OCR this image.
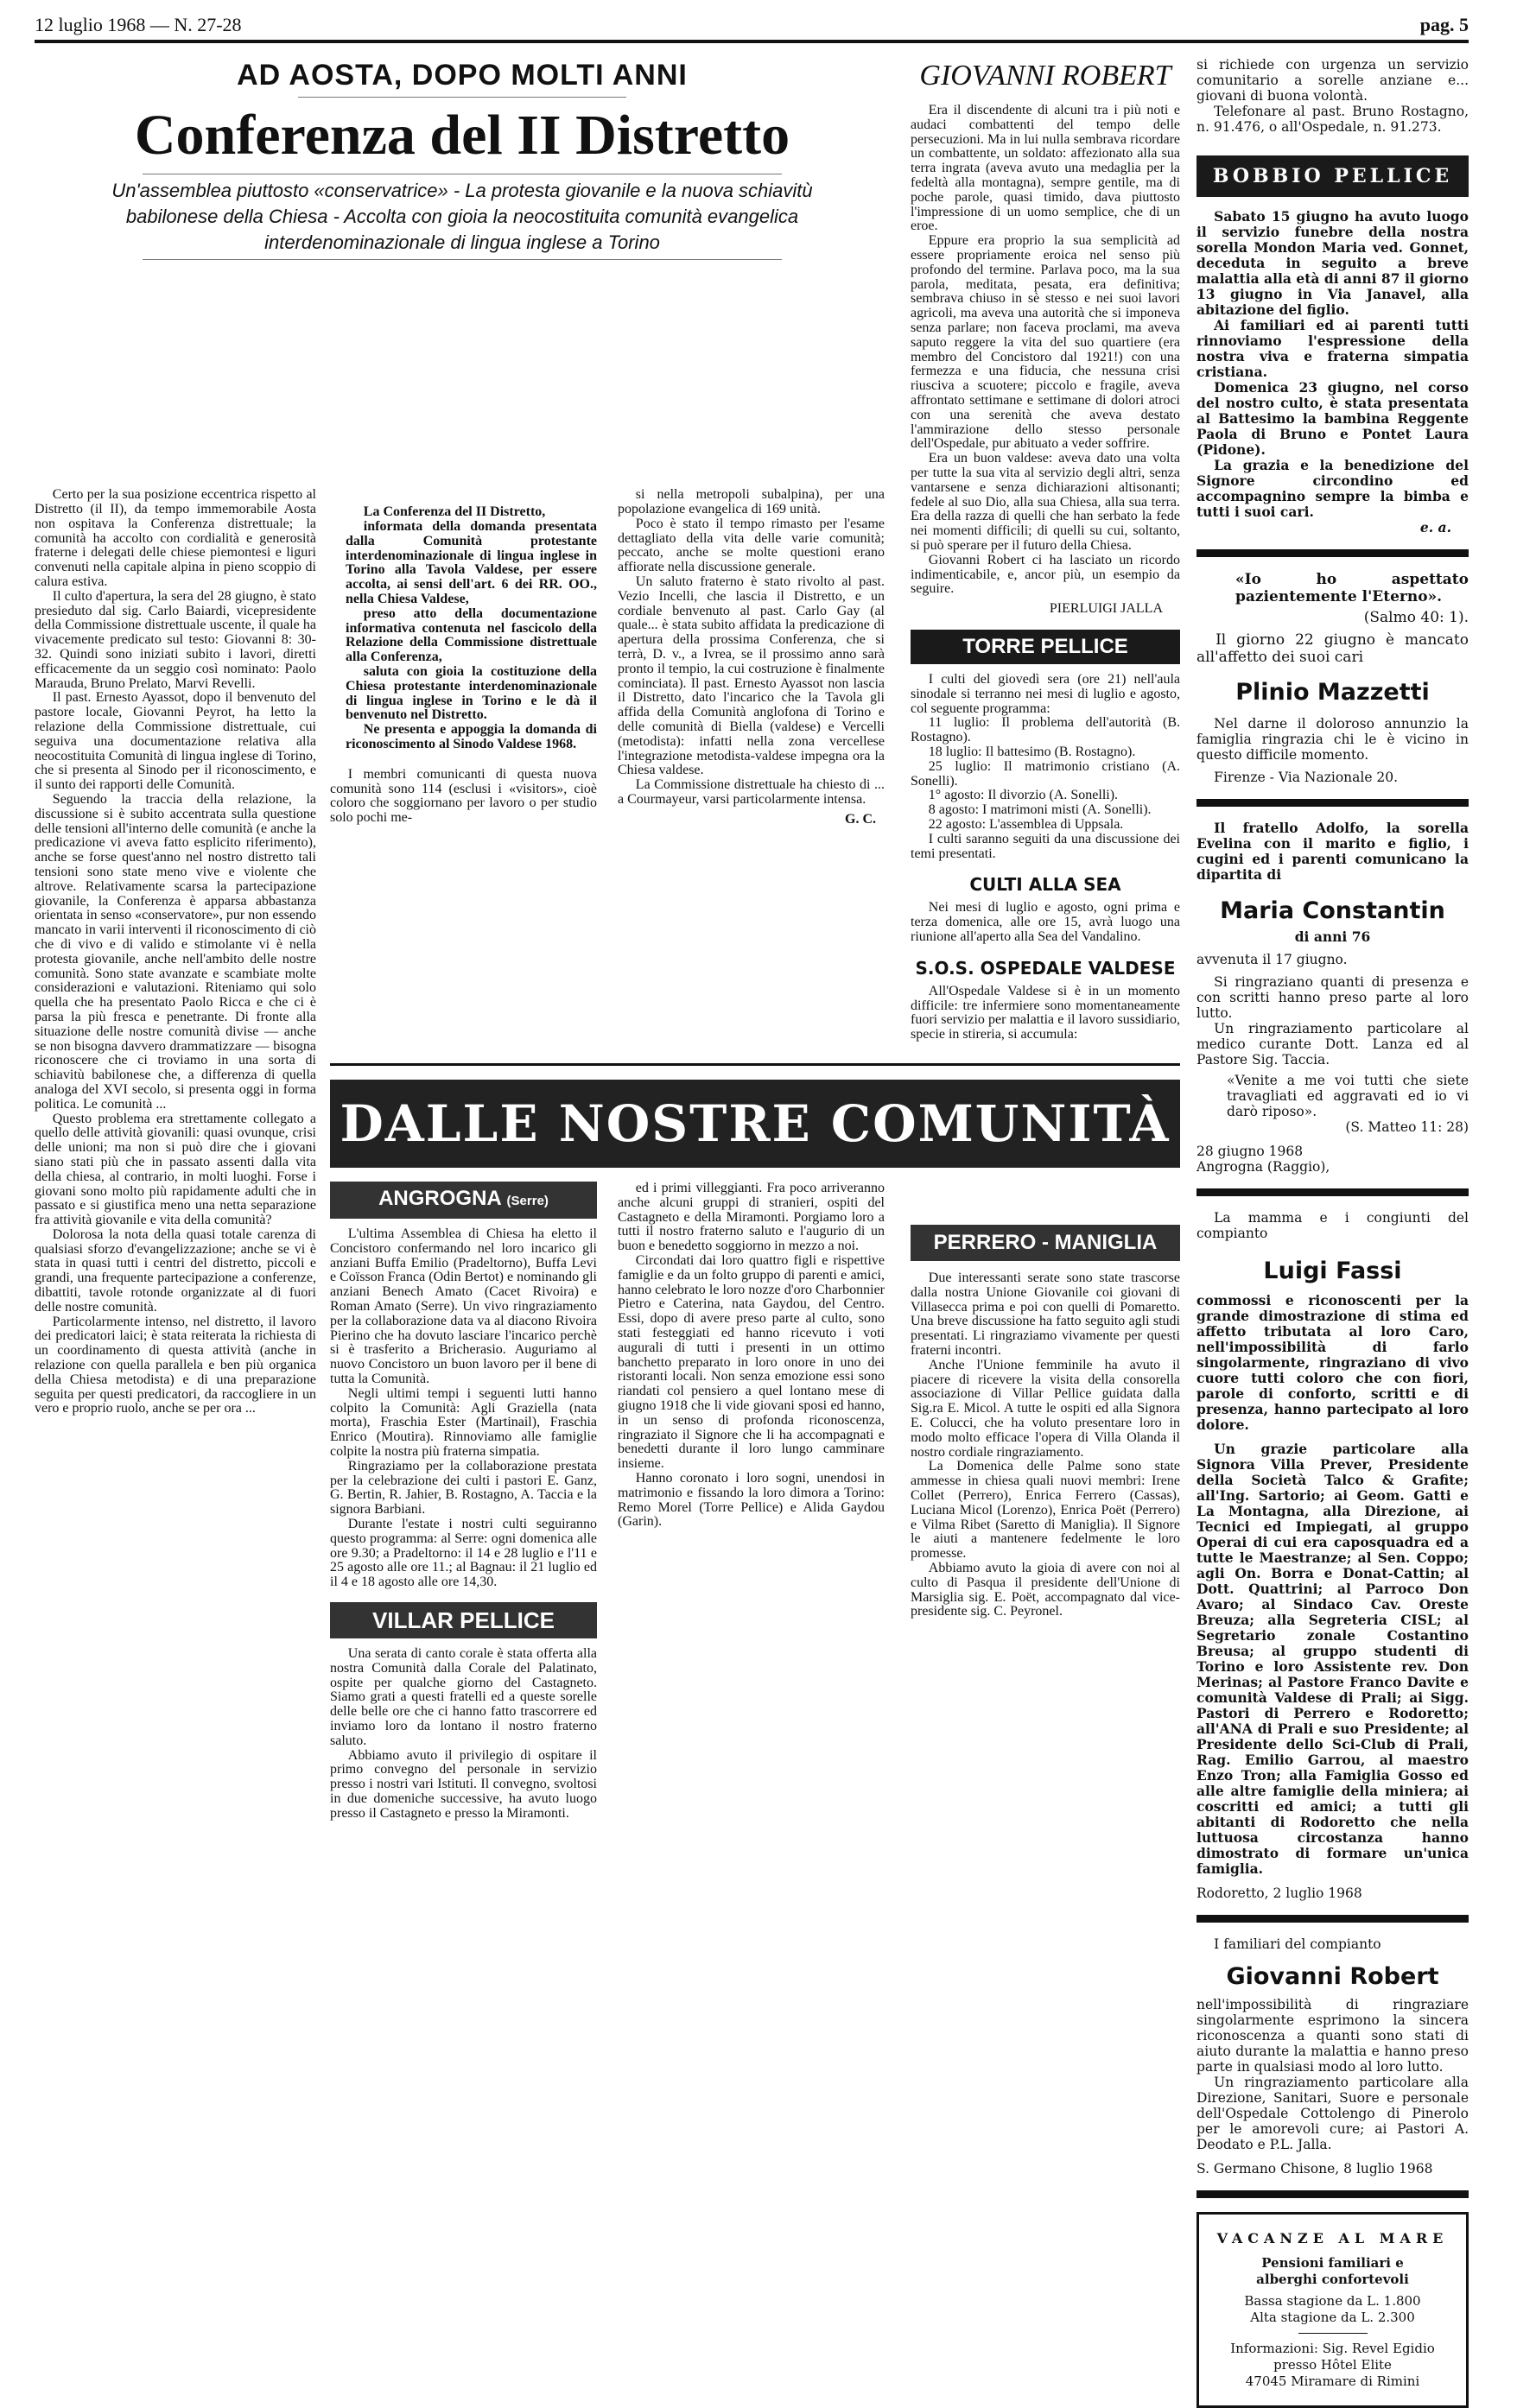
12 luglio 1968 — N. 27-28	pag. 5
AD AOSTA, DOPO MOLTI ANNI
Conferenza del II Distretto
Un'assemblea piuttosto «conservatrice» - La protesta giovanile e la nuova schiavitù babilonese della Chiesa - Accolta con gioia la neocostituita comunità evangelica interdenominazionale di lingua inglese a Torino
GIOVANNI ROBERT

Era il discendente di alcuni tra i più noti e audaci combattenti del tempo delle persecuzioni. Ma in lui nulla sembrava ricordare un combattente, un soldato: affezionato alla sua terra ingrata (aveva avuto una medaglia per la fedeltà alla montagna), sempre gentile, ma di poche parole, quasi timido, dava piuttosto l'impressione di un uomo semplice, che di un eroe.

Eppure era proprio la sua semplicità ad essere propriamente eroica nel senso più profondo del termine. Parlava poco, ma la sua parola, meditata, pesata, era definitiva; sembrava chiuso in sè stesso e nei suoi lavori agricoli, ma aveva una autorità che si imponeva senza parlare; non faceva proclami, ma aveva saputo reggere la vita del suo quartiere (era membro del Concistoro dal 1921!) con una fermezza e una fiducia, che nessuna crisi riusciva a scuotere; piccolo e fragile, aveva affrontato settimane e settimane di dolori atroci con una serenità che aveva destato l'ammirazione dello stesso personale dell'Ospedale, pur abituato a veder soffrire.

Era un buon valdese: aveva dato una volta per tutte la sua vita al servizio degli altri, senza vantarsene e senza dichiarazioni altisonanti; fedele al suo Dio, alla sua Chiesa, alla sua terra. Era della razza di quelli che han serbato la fede nei momenti difficili; di quelli su cui, soltanto, si può sperare per il futuro della Chiesa.

Giovanni Robert ci ha lasciato un ricordo indimenticabile, e, ancor più, un esempio da seguire.

PIERLUIGI JALLA
TORRE PELLICE

I culti del giovedì sera (ore 21) nell'aula sinodale si terranno nei mesi di luglio e agosto, col seguente programma:

11 luglio: Il problema dell'autorità (B. Rostagno).

18 luglio: Il battesimo (B. Rostagno).

25 luglio: Il matrimonio cristiano (A. Sonelli).

1° agosto: Il divorzio (A. Sonelli).

8 agosto: I matrimoni misti (A. Sonelli).

22 agosto: L'assemblea di Uppsala.

I culti saranno seguiti da una discussione dei temi presentati.

CULTI ALLA SEA

Nei mesi di luglio e agosto, ogni prima e terza domenica, alle ore 15, avrà luogo una riunione all'aperto alla Sea del Vandalino.

S.O.S. OSPEDALE VALDESE

All'Ospedale Valdese si è in un momento difficile: tre infermiere sono momentaneamente fuori servizio per malattia e il lavoro sussidiario, specie in stireria, si accumula:

Certo per la sua posizione eccentrica rispetto al Distretto (il II), da tempo immemorabile Aosta non ospitava la Conferenza distrettuale; la comunità ha accolto con cordialità e generosità fraterne i delegati delle chiese piemontesi e liguri convenuti nella capitale alpina in pieno scoppio di calura estiva.

Il culto d'apertura, la sera del 28 giugno, è stato presieduto dal sig. Carlo Baiardi, vicepresidente della Commissione distrettuale uscente, il quale ha vivacemente predicato sul testo: Giovanni 8: 30-32. Quindi sono iniziati subito i lavori, diretti efficacemente da un seggio così nominato: Paolo Marauda, Bruno Prelato, Marvi Revelli.

Il past. Ernesto Ayassot, dopo il benvenuto del pastore locale, Giovanni Peyrot, ha letto la relazione della Commissione distrettuale, cui seguiva una documentazione relativa alla neocostituita Comunità di lingua inglese di Torino, che si presenta al Sinodo per il riconoscimento, e il sunto dei rapporti delle Comunità.

Seguendo la traccia della relazione, la discussione si è subito accentrata sulla questione delle tensioni all'interno delle comunità (e anche la predicazione vi aveva fatto esplicito riferimento), anche se forse quest'anno nel nostro distretto tali tensioni sono state meno vive e violente che altrove. Relativamente scarsa la partecipazione giovanile, la Conferenza è apparsa abbastanza orientata in senso «conservatore», pur non essendo mancato in varii interventi il riconoscimento di ciò che di vivo e di valido e stimolante vi è nella protesta giovanile, anche nell'ambito delle nostre comunità. Sono state avanzate e scambiate molte considerazioni e valutazioni. Riteniamo qui solo quella che ha presentato Paolo Ricca e che ci è parsa la più fresca e penetrante. Di fronte alla situazione delle nostre comunità divise — anche se non bisogna davvero drammatizzare — bisogna riconoscere che ci troviamo in una sorta di schiavitù babilonese che, a differenza di quella analoga del XVI secolo, si presenta oggi in forma politica. Le comunità ...

Questo problema era strettamente collegato a quello delle attività giovanili: quasi ovunque, crisi delle unioni; ma non si può dire che i giovani siano stati più che in passato assenti dalla vita della chiesa, al contrario, in molti luoghi. Forse i giovani sono molto più rapidamente adulti che in passato e si giustifica meno una netta separazione fra attività giovanile e vita della comunità?

Dolorosa la nota della quasi totale carenza di qualsiasi sforzo d'evangelizzazione; anche se vi è stata in quasi tutti i centri del distretto, piccoli e grandi, una frequente partecipazione a conferenze, dibattiti, tavole rotonde organizzate al di fuori delle nostre comunità.

Particolarmente intenso, nel distretto, il lavoro dei predicatori laici; è stata reiterata la richiesta di un coordinamento di questa attività (anche in relazione con quella parallela e ben più organica della Chiesa metodista) e di una preparazione seguita per questi predicatori, da raccogliere in un vero e proprio ruolo, anche se per ora ...

La Conferenza del II Distretto,

informata della domanda presentata dalla Comunità protestante interdenominazionale di lingua inglese in Torino alla Tavola Valdese, per essere accolta, ai sensi dell'art. 6 dei RR. OO., nella Chiesa Valdese,

preso atto della documentazione informativa contenuta nel fascicolo della Relazione della Commissione distrettuale alla Conferenza,

saluta con gioia la costituzione della Chiesa protestante interdenominazionale di lingua inglese in Torino e le dà il benvenuto nel Distretto.

Ne presenta e appoggia la domanda di riconoscimento al Sinodo Valdese 1968.

I membri comunicanti di questa nuova comunità sono 114 (esclusi i «visitors», cioè coloro che soggiornano per lavoro o per studio solo pochi me-

si nella metropoli subalpina), per una popolazione evangelica di 169 unità.

Poco è stato il tempo rimasto per l'esame dettagliato della vita delle varie comunità; peccato, anche se molte questioni erano affiorate nella discussione generale.

Un saluto fraterno è stato rivolto al past. Vezio Incelli, che lascia il Distretto, e un cordiale benvenuto al past. Carlo Gay (al quale... è stata subito affidata la predicazione di apertura della prossima Conferenza, che si terrà, D. v., a Ivrea, se il prossimo anno sarà pronto il tempio, la cui costruzione è finalmente cominciata). Il past. Ernesto Ayassot non lascia il Distretto, dato l'incarico che la Tavola gli affida della Comunità anglofona di Torino e delle comunità di Biella (valdese) e Vercelli (metodista): infatti nella zona vercellese l'integrazione metodista-valdese impegna ora la Chiesa valdese.

La Commissione distrettuale ha chiesto di ... a Courmayeur, varsi particolarmente intensa.

G. C.
DALLE NOSTRE COMUNITÀ
ANGROGNA (Serre)

L'ultima Assemblea di Chiesa ha eletto il Concistoro confermando nel loro incarico gli anziani Buffa Emilio (Pradeltorno), Buffa Levi e Coïsson Franca (Odin Bertot) e nominando gli anziani Benech Amato (Cacet Rivoira) e Roman Amato (Serre). Un vivo ringraziamento per la collaborazione data va al diacono Rivoira Pierino che ha dovuto lasciare l'incarico perchè si è trasferito a Bricherasio. Auguriamo al nuovo Concistoro un buon lavoro per il bene di tutta la Comunità.

Negli ultimi tempi i seguenti lutti hanno colpito la Comunità: Agli Graziella (nata morta), Fraschia Ester (Martinail), Fraschia Enrico (Moutira). Rinnoviamo alle famiglie colpite la nostra più fraterna simpatia.

Ringraziamo per la collaborazione prestata per la celebrazione dei culti i pastori E. Ganz, G. Bertin, R. Jahier, B. Rostagno, A. Taccia e la signora Barbiani.

Durante l'estate i nostri culti seguiranno questo programma: al Serre: ogni domenica alle ore 9.30; a Pradeltorno: il 14 e 28 luglio e l'11 e 25 agosto alle ore 11.; al Bagnau: il 21 luglio ed il 4 e 18 agosto alle ore 14,30.

VILLAR PELLICE

Una serata di canto corale è stata offerta alla nostra Comunità dalla Corale del Palatinato, ospite per qualche giorno del Castagneto. Siamo grati a questi fratelli ed a queste sorelle delle belle ore che ci hanno fatto trascorrere ed inviamo loro da lontano il nostro fraterno saluto.

Abbiamo avuto il privilegio di ospitare il primo convegno del personale in servizio presso i nostri vari Istituti. Il convegno, svoltosi in due domeniche successive, ha avuto luogo presso il Castagneto e presso la Miramonti.

ed i primi villeggianti. Fra poco arriveranno anche alcuni gruppi di stranieri, ospiti del Castagneto e della Miramonti. Porgiamo loro a tutti il nostro fraterno saluto e l'augurio di un buon e benedetto soggiorno in mezzo a noi.

Circondati dai loro quattro figli e rispettive famiglie e da un folto gruppo di parenti e amici, hanno celebrato le loro nozze d'oro Charbonnier Pietro e Caterina, nata Gaydou, del Centro. Essi, dopo di avere preso parte al culto, sono stati festeggiati ed hanno ricevuto i voti augurali di tutti i presenti in un ottimo banchetto preparato in loro onore in uno dei ristoranti locali. Non senza emozione essi sono riandati col pensiero a quel lontano mese di giugno 1918 che li vide giovani sposi ed hanno, in un senso di profonda riconoscenza, ringraziato il Signore che li ha accompagnati e benedetti durante il loro lungo camminare insieme.

Hanno coronato i loro sogni, unendosi in matrimonio e fissando la loro dimora a Torino: Remo Morel (Torre Pellice) e Alida Gaydou (Garin).

PERRERO - MANIGLIA

Due interessanti serate sono state trascorse dalla nostra Unione Giovanile coi giovani di Villasecca prima e poi con quelli di Pomaretto. Una breve discussione ha fatto seguito agli studi presentati. Li ringraziamo vivamente per questi fraterni incontri.

Anche l'Unione femminile ha avuto il piacere di ricevere la visita della consorella associazione di Villar Pellice guidata dalla Sig.ra E. Micol. A tutte le ospiti ed alla Signora E. Colucci, che ha voluto presentare loro in modo molto efficace l'opera di Villa Olanda il nostro cordiale ringraziamento.

La Domenica delle Palme sono state ammesse in chiesa quali nuovi membri: Irene Collet (Perrero), Enrica Ferrero (Cassas), Luciana Micol (Lorenzo), Enrica Poët (Perrero) e Vilma Ribet (Saretto di Maniglia). Il Signore le aiuti a mantenere fedelmente le loro promesse.

Abbiamo avuto la gioia di avere con noi al culto di Pasqua il presidente dell'Unione di Marsiglia sig. E. Poët, accompagnato dal vice-presidente sig. C. Peyronel.

si richiede con urgenza un servizio comunitario a sorelle anziane e... giovani di buona volontà.

Telefonare al past. Bruno Rostagno, n. 91.476, o all'Ospedale, n. 91.273.

BOBBIO PELLICE

Sabato 15 giugno ha avuto luogo il servizio funebre della nostra sorella Mondon Maria ved. Gonnet, deceduta in seguito a breve malattia alla età di anni 87 il giorno 13 giugno in Via Janavel, alla abitazione del figlio.

Ai familiari ed ai parenti tutti rinnoviamo l'espressione della nostra viva e fraterna simpatia cristiana.

Domenica 23 giugno, nel corso del nostro culto, è stata presentata al Battesimo la bambina Reggente Paola di Bruno e Pontet Laura (Pidone).

La grazia e la benedizione del Signore circondino ed accompagnino sempre la bimba e tutti i suoi cari.

e. a.
«Io ho aspettato pazientemente l'Eterno».
(Salmo 40: 1).

Il giorno 22 giugno è mancato all'affetto dei suoi cari

Plinio Mazzetti

Nel darne il doloroso annunzio la famiglia ringrazia chi le è vicino in questo difficile momento.

Firenze - Via Nazionale 20.

Il fratello Adolfo, la sorella Evelina con il marito e figlio, i cugini ed i parenti comunicano la dipartita di

Maria Constantin
di anni 76

avvenuta il 17 giugno.

Si ringraziano quanti di presenza e con scritti hanno preso parte al loro lutto.

Un ringraziamento particolare al medico curante Dott. Lanza ed al Pastore Sig. Taccia.

«Venite a me voi tutti che siete travagliati ed aggravati ed io vi darò riposo».
(S. Matteo 11: 28)
28 giugno 1968
Angrogna (Raggio),

La mamma e i congiunti del compianto

Luigi Fassi

commossi e riconoscenti per la grande dimostrazione di stima ed affetto tributata al loro Caro, nell'impossibilità di farlo singolarmente, ringraziano di vivo cuore tutti coloro che con fiori, parole di conforto, scritti e di presenza, hanno partecipato al loro dolore.

Un grazie particolare alla Signora Villa Prever, Presidente della Società Talco & Grafite; all'Ing. Sartorio; ai Geom. Gatti e La Montagna, alla Direzione, ai Tecnici ed Impiegati, al gruppo Operai di cui era caposquadra ed a tutte le Maestranze; al Sen. Coppo; agli On. Borra e Donat-Cattin; al Dott. Quattrini; al Parroco Don Avaro; al Sindaco Cav. Oreste Breuza; alla Segreteria CISL; al Segretario zonale Costantino Breusa; al gruppo studenti di Torino e loro Assistente rev. Don Merinas; al Pastore Franco Davite e comunità Valdese di Prali; ai Sigg. Pastori di Perrero e Rodoretto; all'ANA di Prali e suo Presidente; al Presidente dello Sci-Club di Prali, Rag. Emilio Garrou, al maestro Enzo Tron; alla Famiglia Gosso ed alle altre famiglie della miniera; ai coscritti ed amici; a tutti gli abitanti di Rodoretto che nella luttuosa circostanza hanno dimostrato di formare un'unica famiglia.

Rodoretto, 2 luglio 1968

I familiari del compianto

Giovanni Robert

nell'impossibilità di ringraziare singolarmente esprimono la sincera riconoscenza a quanti sono stati di aiuto durante la malattia e hanno preso parte in qualsiasi modo al loro lutto.

Un ringraziamento particolare alla Direzione, Sanitari, Suore e personale dell'Ospedale Cottolengo di Pinerolo per le amorevoli cure; ai Pastori A. Deodato e P.L. Jalla.

S. Germano Chisone, 8 luglio 1968
VACANZE AL MARE
Pensioni familiari e
alberghi confortevoli
Bassa stagione da L. 1.800
Alta stagione da L. 2.300
Informazioni: Sig. Revel Egidio
presso Hôtel Elite
47045 Miramare di Rimini
